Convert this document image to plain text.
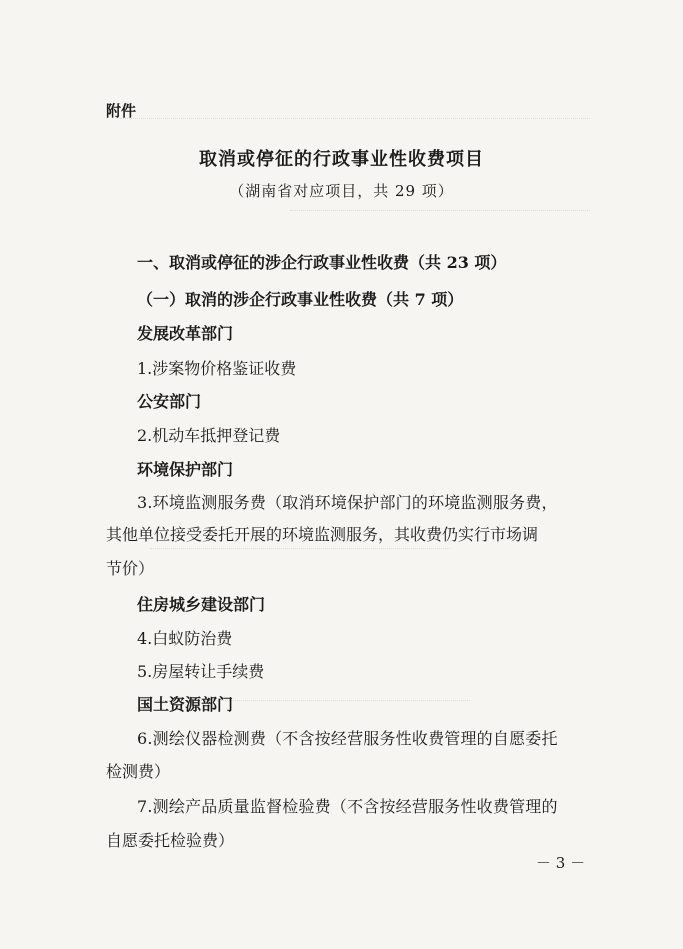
附件
取消或停征的行政事业性收费项目
（湖南省对应项目，共 29 项）
一、取消或停征的涉企行政事业性收费（共 23 项）
（一）取消的涉企行政事业性收费（共 7 项）
发展改革部门
1.涉案物价格鉴证收费
公安部门
2.机动车抵押登记费
环境保护部门
3.环境监测服务费（取消环境保护部门的环境监测服务费，
其他单位接受委托开展的环境监测服务，其收费仍实行市场调
节价）
住房城乡建设部门
4.白蚁防治费
5.房屋转让手续费
国土资源部门
6.测绘仪器检测费（不含按经营服务性收费管理的自愿委托
检测费）
7.测绘产品质量监督检验费（不含按经营服务性收费管理的
自愿委托检验费）
－ 3 －
